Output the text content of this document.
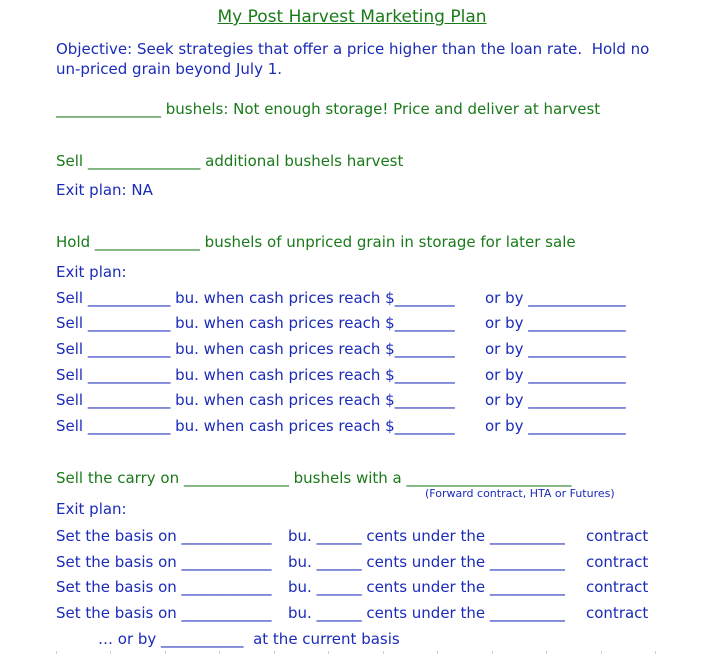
My Post Harvest Marketing Plan
Objective: Seek strategies that offer a price higher than the loan rate.  Hold no
un-priced grain beyond July 1.
______________ bushels: Not enough storage! Price and deliver at harvest
Sell _______________ additional bushels harvest
Exit plan: NA
Hold ______________ bushels of unpriced grain in storage for later sale
Exit plan:
Sell ___________ bu. when cash prices reach $________ or by _____________
Sell ___________ bu. when cash prices reach $________ or by _____________
Sell ___________ bu. when cash prices reach $________ or by _____________
Sell ___________ bu. when cash prices reach $________ or by _____________
Sell ___________ bu. when cash prices reach $________ or by _____________
Sell ___________ bu. when cash prices reach $________ or by _____________
Sell the carry on ______________ bushels with a ______________________
(Forward contract, HTA or Futures)
Exit plan:
Set the basis on ____________ bu. ______ cents under the __________ contract
Set the basis on ____________ bu. ______ cents under the __________ contract
Set the basis on ____________ bu. ______ cents under the __________ contract
Set the basis on ____________ bu. ______ cents under the __________ contract
… or by ___________  at the current basis
